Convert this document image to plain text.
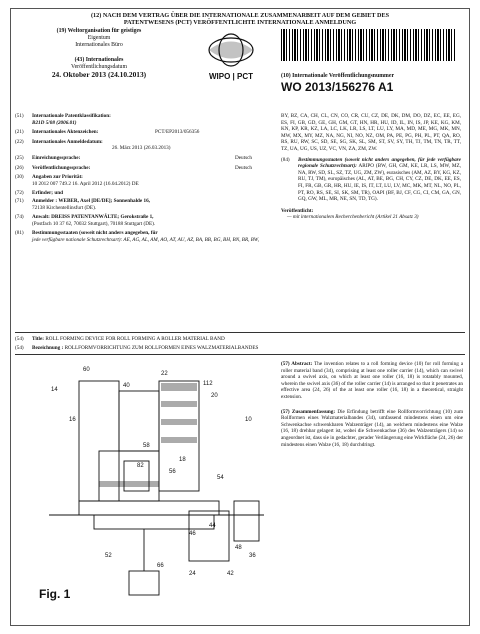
(12) NACH DEM VERTRAG ÜBER DIE INTERNATIONALE ZUSAMMENARBEIT AUF DEM GEBIET DES
PATENTWESENS (PCT) VERÖFFENTLICHTE INTERNATIONALE ANMELDUNG
(19) Weltorganisation für geistiges
Eigentum
Internationales Büro
(43) Internationales
Veröffentlichungsdatum
24. Oktober 2013 (24.10.2013)	WIPO | PCT	(10) Internationale Veröffentlichungsnummer
WO 2013/156276 A1
(51)	Internationale Patentklassifikation:
B21D 5/08 (2006.01)
(21)	Internationales Aktenzeichen:	PCT/EP2013/056356
(22)	Internationales Anmeldedatum:
26. März 2013 (26.03.2013)
(25)	Einreichungssprache:	Deutsch
(26)	Veröffentlichungssprache:	Deutsch
(30)	Angaben zur Priorität:
10 2012 007 749.2 16. April 2012 (16.04.2012) DE
(72)	Erfinder; und
(71)	Anmelder : WEBER, Axel [DE/DE]; Sonnenhalde 16,
72138 Kirchentellinsfurt (DE).
(74)	Anwalt: DREISS PATENTANWÄLTE; Gerokstraße 1,
(Postfach 10 37 62, 70032 Stuttgart), 70188 Stuttgart (DE).
(81)	Bestimmungsstaaten (soweit nicht anders angegeben, für
jede verfügbare nationale Schutzrechtsart): AE, AG, AL, AM, AO, AT, AU, AZ, BA, BB, BG, BH, BN, BR, BW,
BY, BZ, CA, CH, CL, CN, CO, CR, CU, CZ, DE, DK, DM, DO, DZ, EC, EE, EG, ES, FI, GB, GD, GE, GH, GM, GT, HN, HR, HU, ID, IL, IN, IS, JP, KE, KG, KM, KN, KP, KR, KZ, LA, LC, LK, LR, LS, LT, LU, LY, MA, MD, ME, MG, MK, MN, MW, MX, MY, MZ, NA, NG, NI, NO, NZ, OM, PA, PE, PG, PH, PL, PT, QA, RO, RS, RU, RW, SC, SD, SE, SG, SK, SL, SM, ST, SV, SY, TH, TJ, TM, TN, TR, TT, TZ, UA, UG, US, UZ, VC, VN, ZA, ZM, ZW.
(84)	Bestimmungsstaaten (soweit nicht anders angegeben, für jede verfügbare regionale Schutzrechtsart): ARIPO (BW, GH, GM, KE, LR, LS, MW, MZ, NA, RW, SD, SL, SZ, TZ, UG, ZM, ZW), eurasisches (AM, AZ, BY, KG, KZ, RU, TJ, TM), europäisches (AL, AT, BE, BG, CH, CY, CZ, DE, DK, EE, ES, FI, FR, GB, GR, HR, HU, IE, IS, IT, LT, LU, LV, MC, MK, MT, NL, NO, PL, PT, RO, RS, SE, SI, SK, SM, TR), OAPI (BF, BJ, CF, CG, CI, CM, GA, GN, GQ, GW, ML, MR, NE, SN, TD, TG).
Veröffentlicht:
— mit internationalem Recherchenbericht (Artikel 21 Absatz 3)
(54)	Title: ROLL FORMING DEVICE FOR ROLL FORMING A ROLLER MATERIAL BAND
(54)	Bezeichnung : ROLLFORMVORRICHTUNG ZUM ROLLFORMEN EINES WALZMATERIALBANDES
60
14
16
40
22
112
20
10
58
82
56
54
18
66
46
44
48
36
42
24
52
Fig. 1
(57) Abstract: The invention relates to a roll forming device (10) for roll forming a roller material band (34), comprising at least one roller carrier (14), which can swivel around a swivel axis, on which at least one roller (16, 18) is rotatably mounted, wherein the swivel axis (36) of the roller carrier (14) is arranged so that it penetrates an effective area (24, 26) of the at least one roller (16, 18) in a theoretical, straight extension.
(57) Zusammenfassung: Die Erfindung betrifft eine Rollformvorrichtung (10) zum Rollformen eines Walzmaterialbandes (34), umfassend mindestens einen um eine Schwenkachse schwenkbaren Walzenträger (14), an welchem mindestens eine Walze (16, 18) drehbar gelagert ist, wobei die Schwenkachse (36) des Walzenträgers (14) so angeordnet ist, dass sie in gedachter, gerader Verlängerung eine Wirkfläche (24, 26) der mindestens einen Walze (16, 18) durchdringt.
